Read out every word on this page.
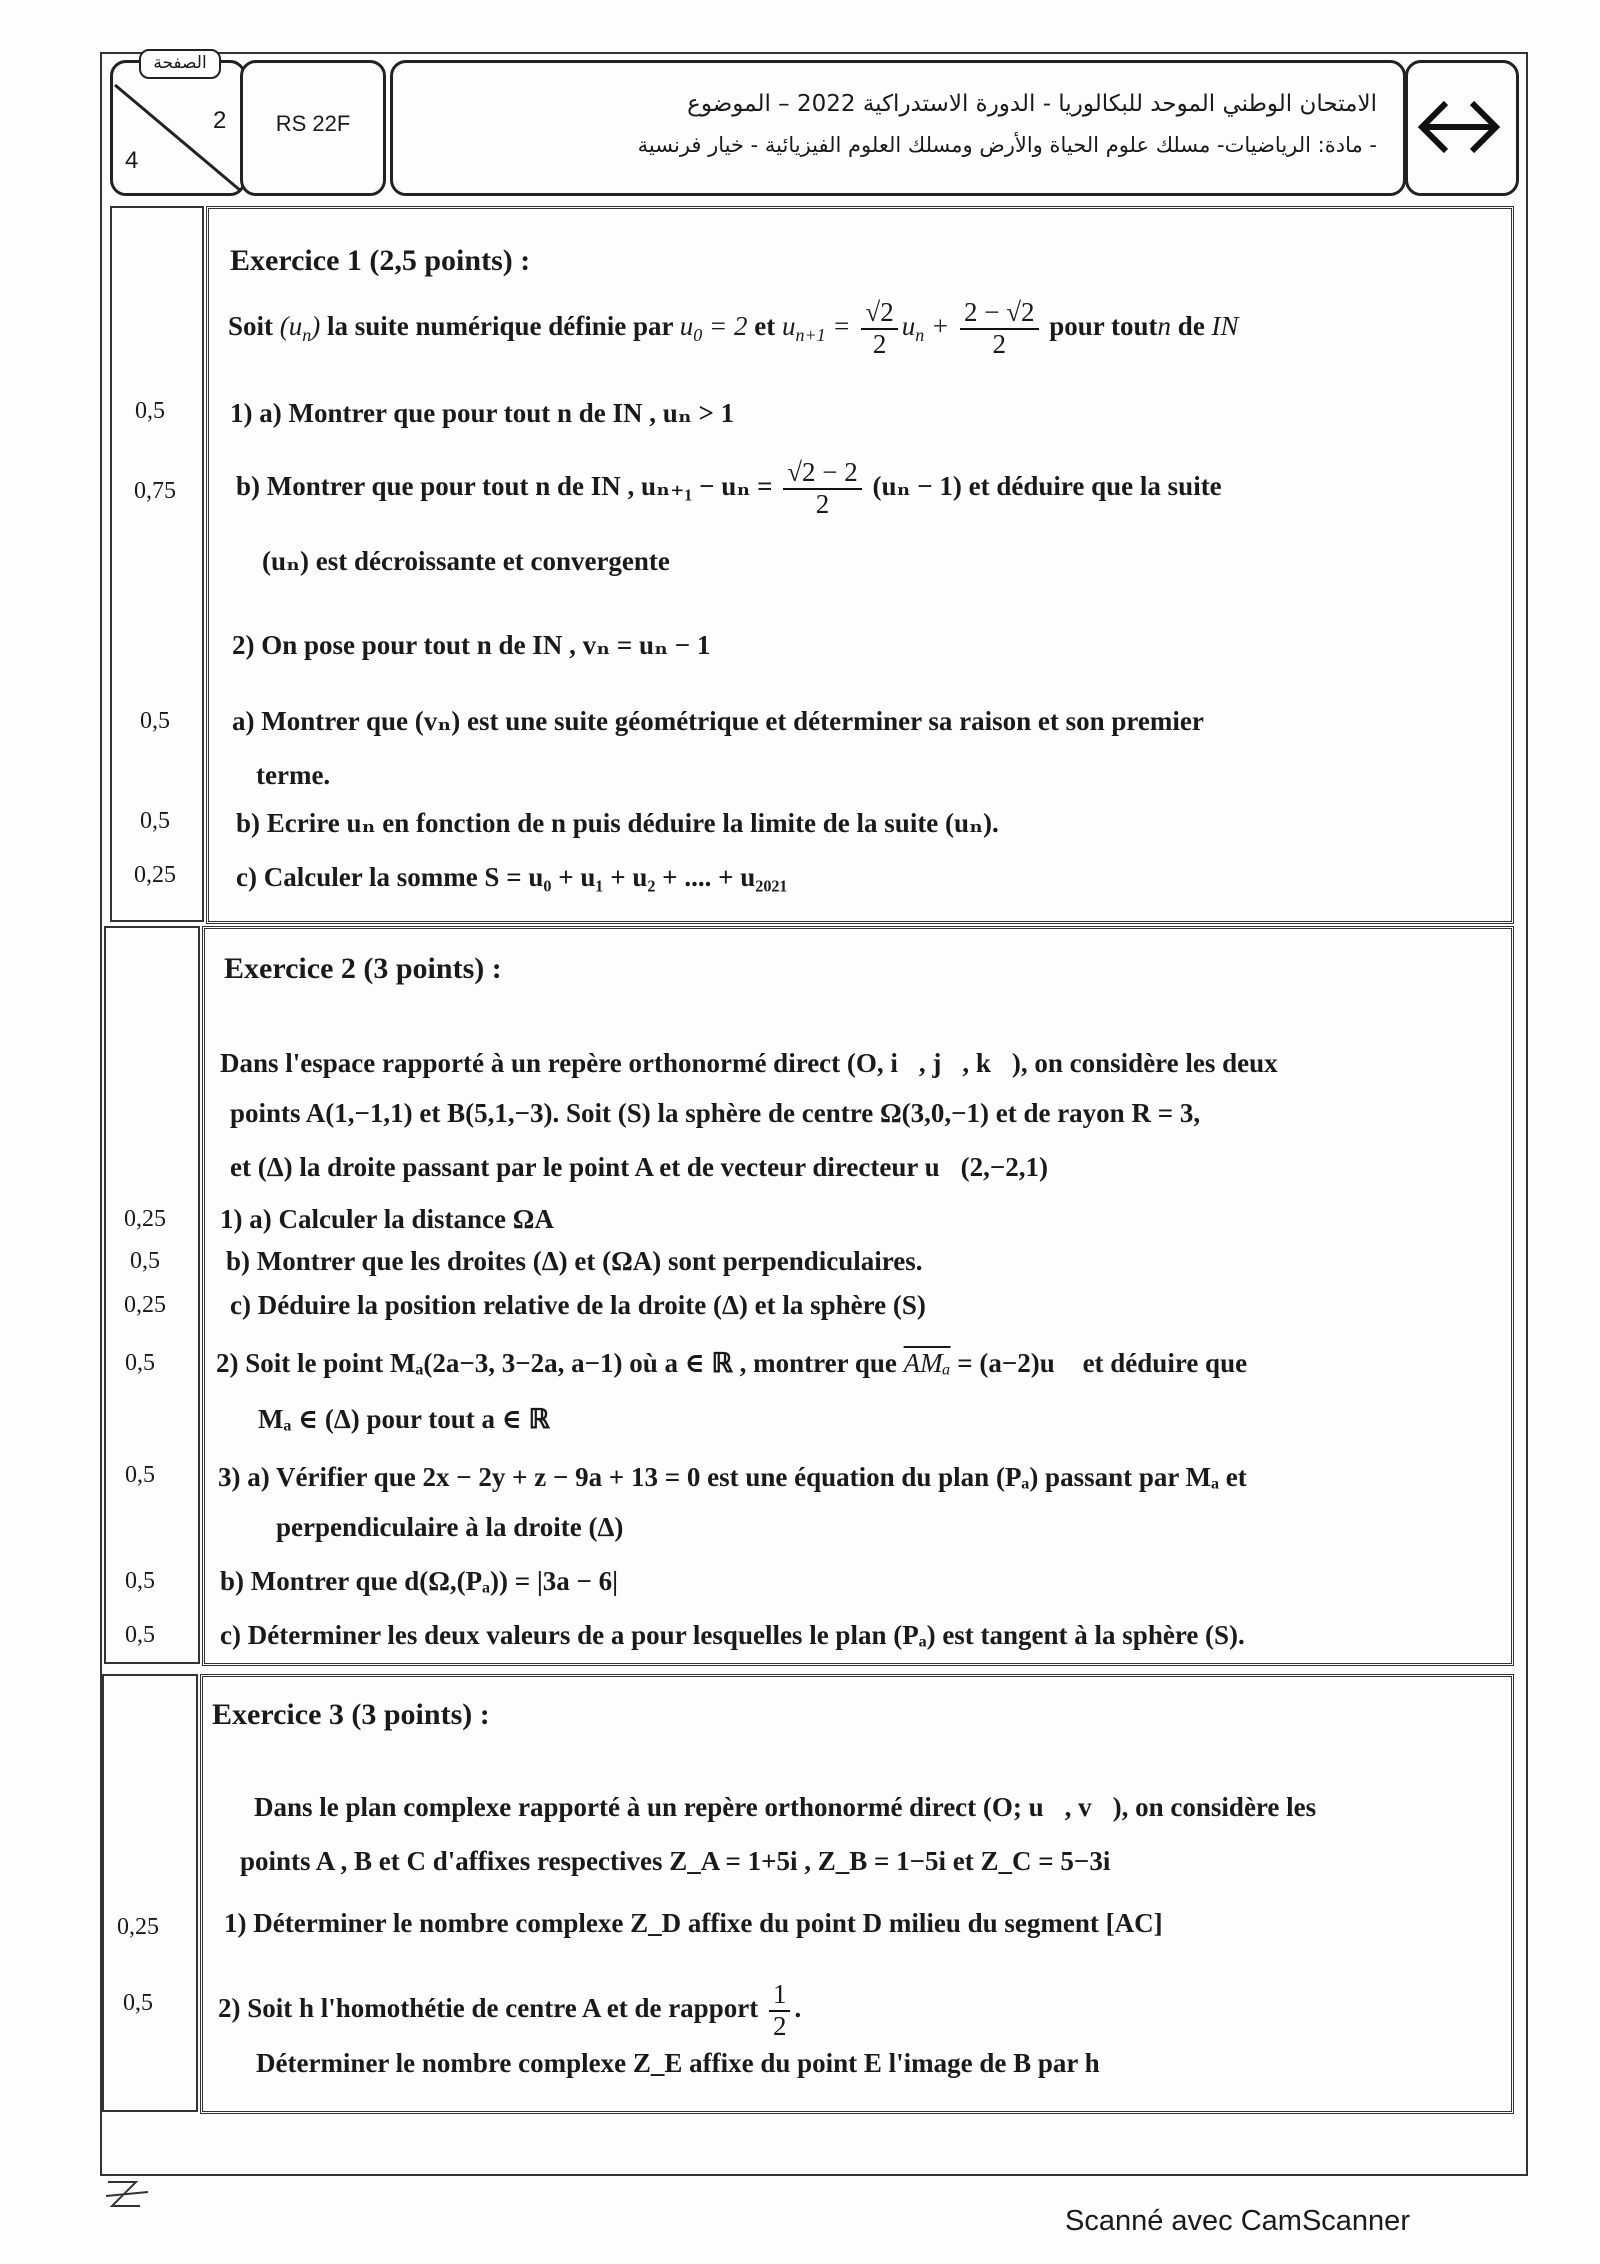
الصفحة
2
4
RS 22F
الامتحان الوطني الموحد للبكالوريا - الدورة الاستدراكية 2022 – الموضوع
- مادة: الرياضيات- مسلك علوم الحياة والأرض ومسلك العلوم الفيزيائية - خيار فرنسية
0,5
0,75
0,5
0,5
0,25
Exercice 1 (2,5 points) :
Soit $(u_n)$ la suite numérique définie par $u_0 = 2$ et $u_{n+1} = \frac{√2}{2} u_n + \frac{2 - √2}{2}$ pour toutn de IN
1) a) Montrer que pour tout n de IN , uₙ > 1
b) Montrer que pour tout n de IN , $u_{n+1} - u_n = \frac{√2 - 2}{2} (u_n - 1)$ et déduire que la suite
(uₙ) est décroissante et convergente
2) On pose pour tout n de IN , vₙ = uₙ − 1
a) Montrer que (vₙ) est une suite géométrique et déterminer sa raison et son premier
terme.
b) Ecrire uₙ en fonction de n puis déduire la limite de la suite (uₙ).
c) Calculer la somme S = u₀ + u₁ + u₂ + .... + u₂₀₂₁
0,25
0,5
0,25
0,5
0,5
0,5
0,5
Exercice 2 (3 points) :
Dans l'espace rapporté à un repère orthonormé direct (O, i⃗, j⃗, k⃗), on considère les deux
points A(1,−1,1) et B(5,1,−3). Soit (S) la sphère de centre Ω(3,0,−1) et de rayon R = 3,
et (Δ) la droite passant par le point A et de vecteur directeur u⃗(2,−2,1)
1) a) Calculer la distance ΩA
b) Montrer que les droites (Δ) et (ΩA) sont perpendiculaires.
c) Déduire la position relative de la droite (Δ) et la sphère (S)
2) Soit le point Mₐ(2a−3, 3−2a, a−1) où a ∈ ℝ , montrer que $\overline{AM_a}$ = (a−2)u⃗ et déduire que
Mₐ ∈ (Δ) pour tout a ∈ ℝ
3) a) Vérifier que 2x − 2y + z − 9a + 13 = 0 est une équation du plan (Pₐ) passant par Mₐ et
perpendiculaire à la droite (Δ)
b) Montrer que d(Ω,(Pₐ)) = |3a − 6|
c) Déterminer les deux valeurs de a pour lesquelles le plan (Pₐ) est tangent à la sphère (S).
0,25
0,5
Exercice 3 (3 points) :
Dans le plan complexe rapporté à un repère orthonormé direct (O; u⃗, v⃗), on considère les
points A , B et C d'affixes respectives Z_A = 1+5i , Z_B = 1−5i et Z_C = 5−3i
1) Déterminer le nombre complexe Z_D affixe du point D milieu du segment [AC]
2) Soit h l'homothétie de centre A et de rapport $\frac{1}{2}$ .
Déterminer le nombre complexe Z_E affixe du point E l'image de B par h
Scanné avec CamScanner
